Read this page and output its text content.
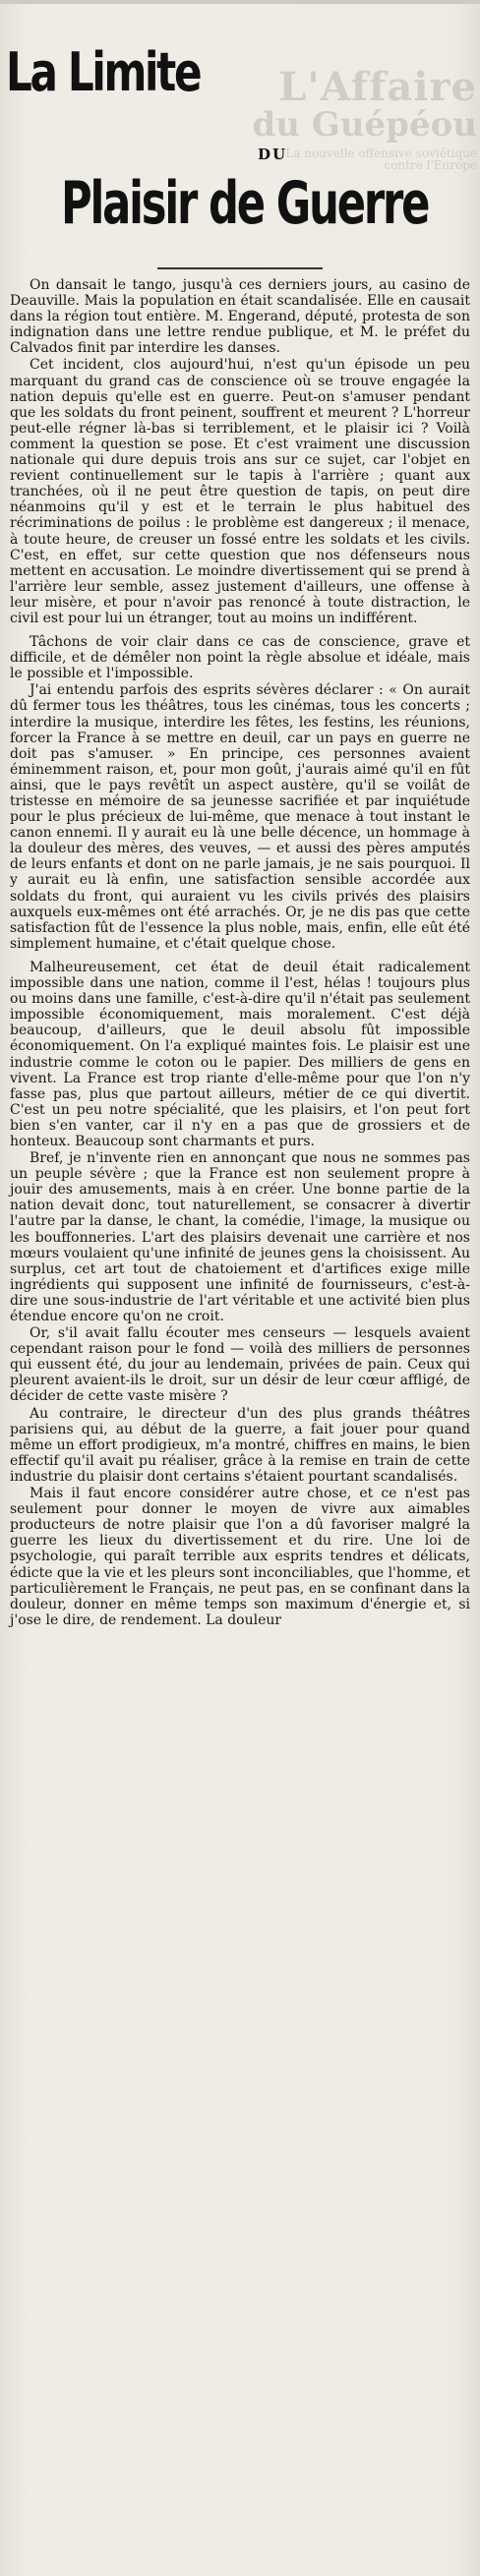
L'Affaire
du Guépéou
La nouvelle offensive soviétique
contre l'Europe
La Limite
DU
Plaisir de Guerre

On dansait le tango, jusqu'à ces derniers jours, au casino de Deauville. Mais la population en était scandalisée. Elle en causait dans la région tout entière. M. Engerand, député, protesta de son indignation dans une lettre rendue publique, et M. le préfet du Calvados finit par interdire les danses.

Cet incident, clos aujourd'hui, n'est qu'un épisode un peu marquant du grand cas de conscience où se trouve engagée la nation depuis qu'elle est en guerre. Peut-on s'amuser pendant que les soldats du front peinent, souffrent et meurent ? L'horreur peut-elle régner là-bas si terriblement, et le plaisir ici ? Voilà comment la question se pose. Et c'est vraiment une discussion nationale qui dure depuis trois ans sur ce sujet, car l'objet en revient continuellement sur le tapis à l'arrière ; quant aux tranchées, où il ne peut être question de tapis, on peut dire néanmoins qu'il y est et le terrain le plus habituel des récriminations de poilus : le problème est dangereux ; il menace, à toute heure, de creuser un fossé entre les soldats et les civils. C'est, en effet, sur cette question que nos défenseurs nous mettent en accusation. Le moindre divertissement qui se prend à l'arrière leur semble, assez justement d'ailleurs, une offense à leur misère, et pour n'avoir pas renoncé à toute distraction, le civil est pour lui un étranger, tout au moins un indifférent.

Tâchons de voir clair dans ce cas de conscience, grave et difficile, et de démêler non point la règle absolue et idéale, mais le possible et l'impossible.

J'ai entendu parfois des esprits sévères déclarer : « On aurait dû fermer tous les théâtres, tous les cinémas, tous les concerts ; interdire la musique, interdire les fêtes, les festins, les réunions, forcer la France à se mettre en deuil, car un pays en guerre ne doit pas s'amuser. » En principe, ces personnes avaient éminemment raison, et, pour mon goût, j'aurais aimé qu'il en fût ainsi, que le pays revêtît un aspect austère, qu'il se voilât de tristesse en mémoire de sa jeunesse sacrifiée et par inquiétude pour le plus précieux de lui-même, que menace à tout instant le canon ennemi. Il y aurait eu là une belle décence, un hommage à la douleur des mères, des veuves, — et aussi des pères amputés de leurs enfants et dont on ne parle jamais, je ne sais pourquoi. Il y aurait eu là enfin, une satisfaction sensible accordée aux soldats du front, qui auraient vu les civils privés des plaisirs auxquels eux-mêmes ont été arrachés. Or, je ne dis pas que cette satisfaction fût de l'essence la plus noble, mais, enfin, elle eût été simplement humaine, et c'était quelque chose.

Malheureusement, cet état de deuil était radicalement impossible dans une nation, comme il l'est, hélas ! toujours plus ou moins dans une famille, c'est-à-dire qu'il n'était pas seulement impossible économiquement, mais moralement. C'est déjà beaucoup, d'ailleurs, que le deuil absolu fût impossible économiquement. On l'a expliqué maintes fois. Le plaisir est une industrie comme le coton ou le papier. Des milliers de gens en vivent. La France est trop riante d'elle-même pour que l'on n'y fasse pas, plus que partout ailleurs, métier de ce qui divertit. C'est un peu notre spécialité, que les plaisirs, et l'on peut fort bien s'en vanter, car il n'y en a pas que de grossiers et de honteux. Beaucoup sont charmants et purs.

Bref, je n'invente rien en annonçant que nous ne sommes pas un peuple sévère ; que la France est non seulement propre à jouir des amusements, mais à en créer. Une bonne partie de la nation devait donc, tout naturellement, se consacrer à divertir l'autre par la danse, le chant, la comédie, l'image, la musique ou les bouffonneries. L'art des plaisirs devenait une carrière et nos mœurs voulaient qu'une infinité de jeunes gens la choisissent. Au surplus, cet art tout de chatoiement et d'artifices exige mille ingrédients qui supposent une infinité de fournisseurs, c'est-à-dire une sous-industrie de l'art véritable et une activité bien plus étendue encore qu'on ne croit.

Or, s'il avait fallu écouter mes censeurs — lesquels avaient cependant raison pour le fond — voilà des milliers de personnes qui eussent été, du jour au lendemain, privées de pain. Ceux qui pleurent avaient-ils le droit, sur un désir de leur cœur affligé, de décider de cette vaste misère ?

Au contraire, le directeur d'un des plus grands théâtres parisiens qui, au début de la guerre, a fait jouer pour quand même un effort prodigieux, m'a montré, chiffres en mains, le bien effectif qu'il avait pu réaliser, grâce à la remise en train de cette industrie du plaisir dont certains s'étaient pourtant scandalisés.

Mais il faut encore considérer autre chose, et ce n'est pas seulement pour donner le moyen de vivre aux aimables producteurs de notre plaisir que l'on a dû favoriser malgré la guerre les lieux du divertissement et du rire. Une loi de psychologie, qui paraît terrible aux esprits tendres et délicats, édicte que la vie et les pleurs sont inconciliables, que l'homme, et particulièrement le Français, ne peut pas, en se confinant dans la douleur, donner en même temps son maximum d'énergie et, si j'ose le dire, de rendement. La douleur
